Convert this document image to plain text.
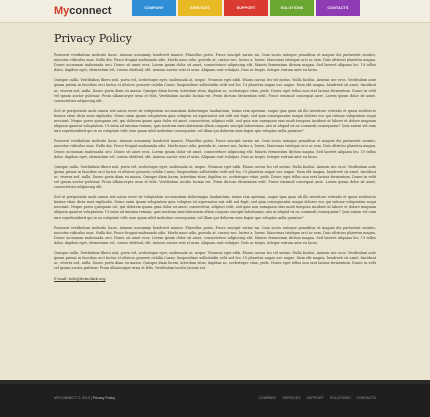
Myconnect	COMPANY	SERVICES	SUPPORT	SOLUTIONS	CONTACTS
Privacy Policy

Praesent vestibulum molestie lacus. Aenean nonummy hendrerit mauris. Phasellus porta. Fusce suscipit varius mi. Cum sociis natoque penatibus et magnis dis parturient montes, nascetur ridiculus mus. Nulla dui. Fusce feugiat malesuada odio. Morbi nunc odio, gravida at, cursus nec, luctus a, lorem. Maecenas tristique orci ac sem. Duis ultricies pharetra magna. Donec accumsan malesuada orci. Donec sit amet eros. Lorem ipsum dolor sit amet, consectetuer adipiscing elit. Mauris fermentum dictum magna. Sed laoreet aliquam leo. Ut tellus dolor, dapibus eget, elementum vel, cursus eleifend, elit. Aenean auctor wisi et urna. Aliquam erat volutpat. Duis ac turpis. Integer rutrum ante eu lacus.

Quisque nulla. Vestibulum libero nisl, porta vel, scelerisque eget, malesuada at, neque. Vivamus eget nibh. Etiam cursus leo vel metus. Nulla facilisi. Aenean nec eros. Vestibulum ante ipsum primis in faucibus orci luctus et ultrices posuere cubilia Curae; Suspendisse sollicitudin velit sed leo. Ut pharetra augue nec augue. Nam elit magna, hendrerit sit amet, tincidunt ac, viverra sed, nulla. Donec porta diam eu massa. Quisque diam lorem, interdum vitae, dapibus ac, scelerisque vitae, pede. Donec eget tellus non erat lacinia fermentum. Donec in velit vel ipsum auctor pulvinar. Proin ullamcorper urna et felis. Vestibulum iaculis lacinia est. Proin dictum elementum velit. Fusce euismod consequat ante. Lorem ipsum dolor sit amet, consectetuer adipiscing elit.

Sed ut perspiciatis unde omnis iste natus error sit voluptatem accusantium doloremque laudantium, totam rem aperiam, eaque ipsa quae ab illo inventore veritatis et quasi architecto beatae vitae dicta sunt explicabo. Nemo enim ipsam voluptatem quia voluptas sit aspernatur aut odit aut fugit, sed quia consequuntur magni dolores eos qui ratione voluptatem sequi nesciunt. Neque porro quisquam est, qui dolorem ipsum quia dolor sit amet, consectetur, adipisci velit, sed quia non numquam eius modi tempora incidunt ut labore et dolore magnam aliquam quaerat voluptatem. Ut enim ad minima veniam, quis nostrum exercitationem ullam corporis suscipit laboriosam, nisi ut aliquid ex ea commodi consequatur? Quis autem vel eum iure reprehenderit qui in ea voluptate velit esse quam nihil molestiae consequatur, vel illum qui dolorem eum fugiat quo voluptas nulla pariatur?

Praesent vestibulum molestie lacus. Aenean nonummy hendrerit mauris. Phasellus porta. Fusce suscipit varius mi. Cum sociis natoque penatibus et magnis dis parturient montes, nascetur ridiculus mus. Nulla dui. Fusce feugiat malesuada odio. Morbi nunc odio, gravida at, cursus nec, luctus a, lorem. Maecenas tristique orci ac sem. Duis ultricies pharetra magna. Donec accumsan malesuada orci. Donec sit amet eros. Lorem ipsum dolor sit amet, consectetuer adipiscing elit. Mauris fermentum dictum magna. Sed laoreet aliquam leo. Ut tellus dolor, dapibus eget, elementum vel, cursus eleifend, elit. Aenean auctor wisi et urna. Aliquam erat volutpat. Duis ac turpis. Integer rutrum ante eu lacus.

Quisque nulla. Vestibulum libero nisl, porta vel, scelerisque eget, malesuada at, neque. Vivamus eget nibh. Etiam cursus leo vel metus. Nulla facilisi. Aenean nec eros. Vestibulum ante ipsum primis in faucibus orci luctus et ultrices posuere cubilia Curae; Suspendisse sollicitudin velit sed leo. Ut pharetra augue nec augue. Nam elit magna, hendrerit sit amet, tincidunt ac, viverra sed, nulla. Donec porta diam eu massa. Quisque diam lorem, interdum vitae, dapibus ac, scelerisque vitae, pede. Donec eget tellus non erat lacinia fermentum. Donec in velit vel ipsum auctor pulvinar. Proin ullamcorper urna et felis. Vestibulum iaculis lacinia est. Proin dictum elementum velit. Fusce euismod consequat ante. Lorem ipsum dolor sit amet, consectetuer adipiscing elit.

Sed ut perspiciatis unde omnis iste natus error sit voluptatem accusantium doloremque laudantium, totam rem aperiam, eaque ipsa quae ab illo inventore veritatis et quasi architecto beatae vitae dicta sunt explicabo. Nemo enim ipsam voluptatem quia voluptas sit aspernatur aut odit aut fugit, sed quia consequuntur magni dolores eos qui ratione voluptatem sequi nesciunt. Neque porro quisquam est, qui dolorem ipsum quia dolor sit amet, consectetur, adipisci velit, sed quia non numquam eius modi tempora incidunt ut labore et dolore magnam aliquam quaerat voluptatem. Ut enim ad minima veniam, quis nostrum exercitationem ullam corporis suscipit laboriosam, nisi ut aliquid ex ea commodi consequatur? Quis autem vel eum iure reprehenderit qui in ea voluptate velit esse quam nihil molestiae consequatur, vel illum qui dolorem eum fugiat quo voluptas nulla pariatur?

Praesent vestibulum molestie lacus. Aenean nonummy hendrerit mauris. Phasellus porta. Fusce suscipit varius mi. Cum sociis natoque penatibus et magnis dis parturient montes, nascetur ridiculus mus. Nulla dui. Fusce feugiat malesuada odio. Morbi nunc odio, gravida at, cursus nec, luctus a, lorem. Maecenas tristique orci ac sem. Duis ultricies pharetra magna. Donec accumsan malesuada orci. Donec sit amet eros. Lorem ipsum dolor sit amet, consectetuer adipiscing elit. Mauris fermentum dictum magna. Sed laoreet aliquam leo. Ut tellus dolor, dapibus eget, elementum vel, cursus eleifend, elit. Aenean auctor wisi et urna. Aliquam erat volutpat. Duis ac turpis. Integer rutrum ante eu lacus.

Quisque nulla. Vestibulum libero nisl, porta vel, scelerisque eget, malesuada at, neque. Vivamus eget nibh. Etiam cursus leo vel metus. Nulla facilisi. Aenean nec eros. Vestibulum ante ipsum primis in faucibus orci luctus et ultrices posuere cubilia Curae; Suspendisse sollicitudin velit sed leo. Ut pharetra augue nec augue. Nam elit magna, hendrerit sit amet, tincidunt ac, viverra sed, nulla. Donec porta diam eu massa. Quisque diam lorem, interdum vitae, dapibus ac, scelerisque vitae, pede. Donec eget tellus non erat lacinia fermentum. Donec in velit vel ipsum auctor pulvinar. Proin ullamcorper urna et felis. Vestibulum iaculis lacinia est.

E-mail: info@demolink.org
MYCONNECT © 2013 | Privacy Policy	COMPANY SERVICES SUPPORT SOLUTIONS CONTACTS
